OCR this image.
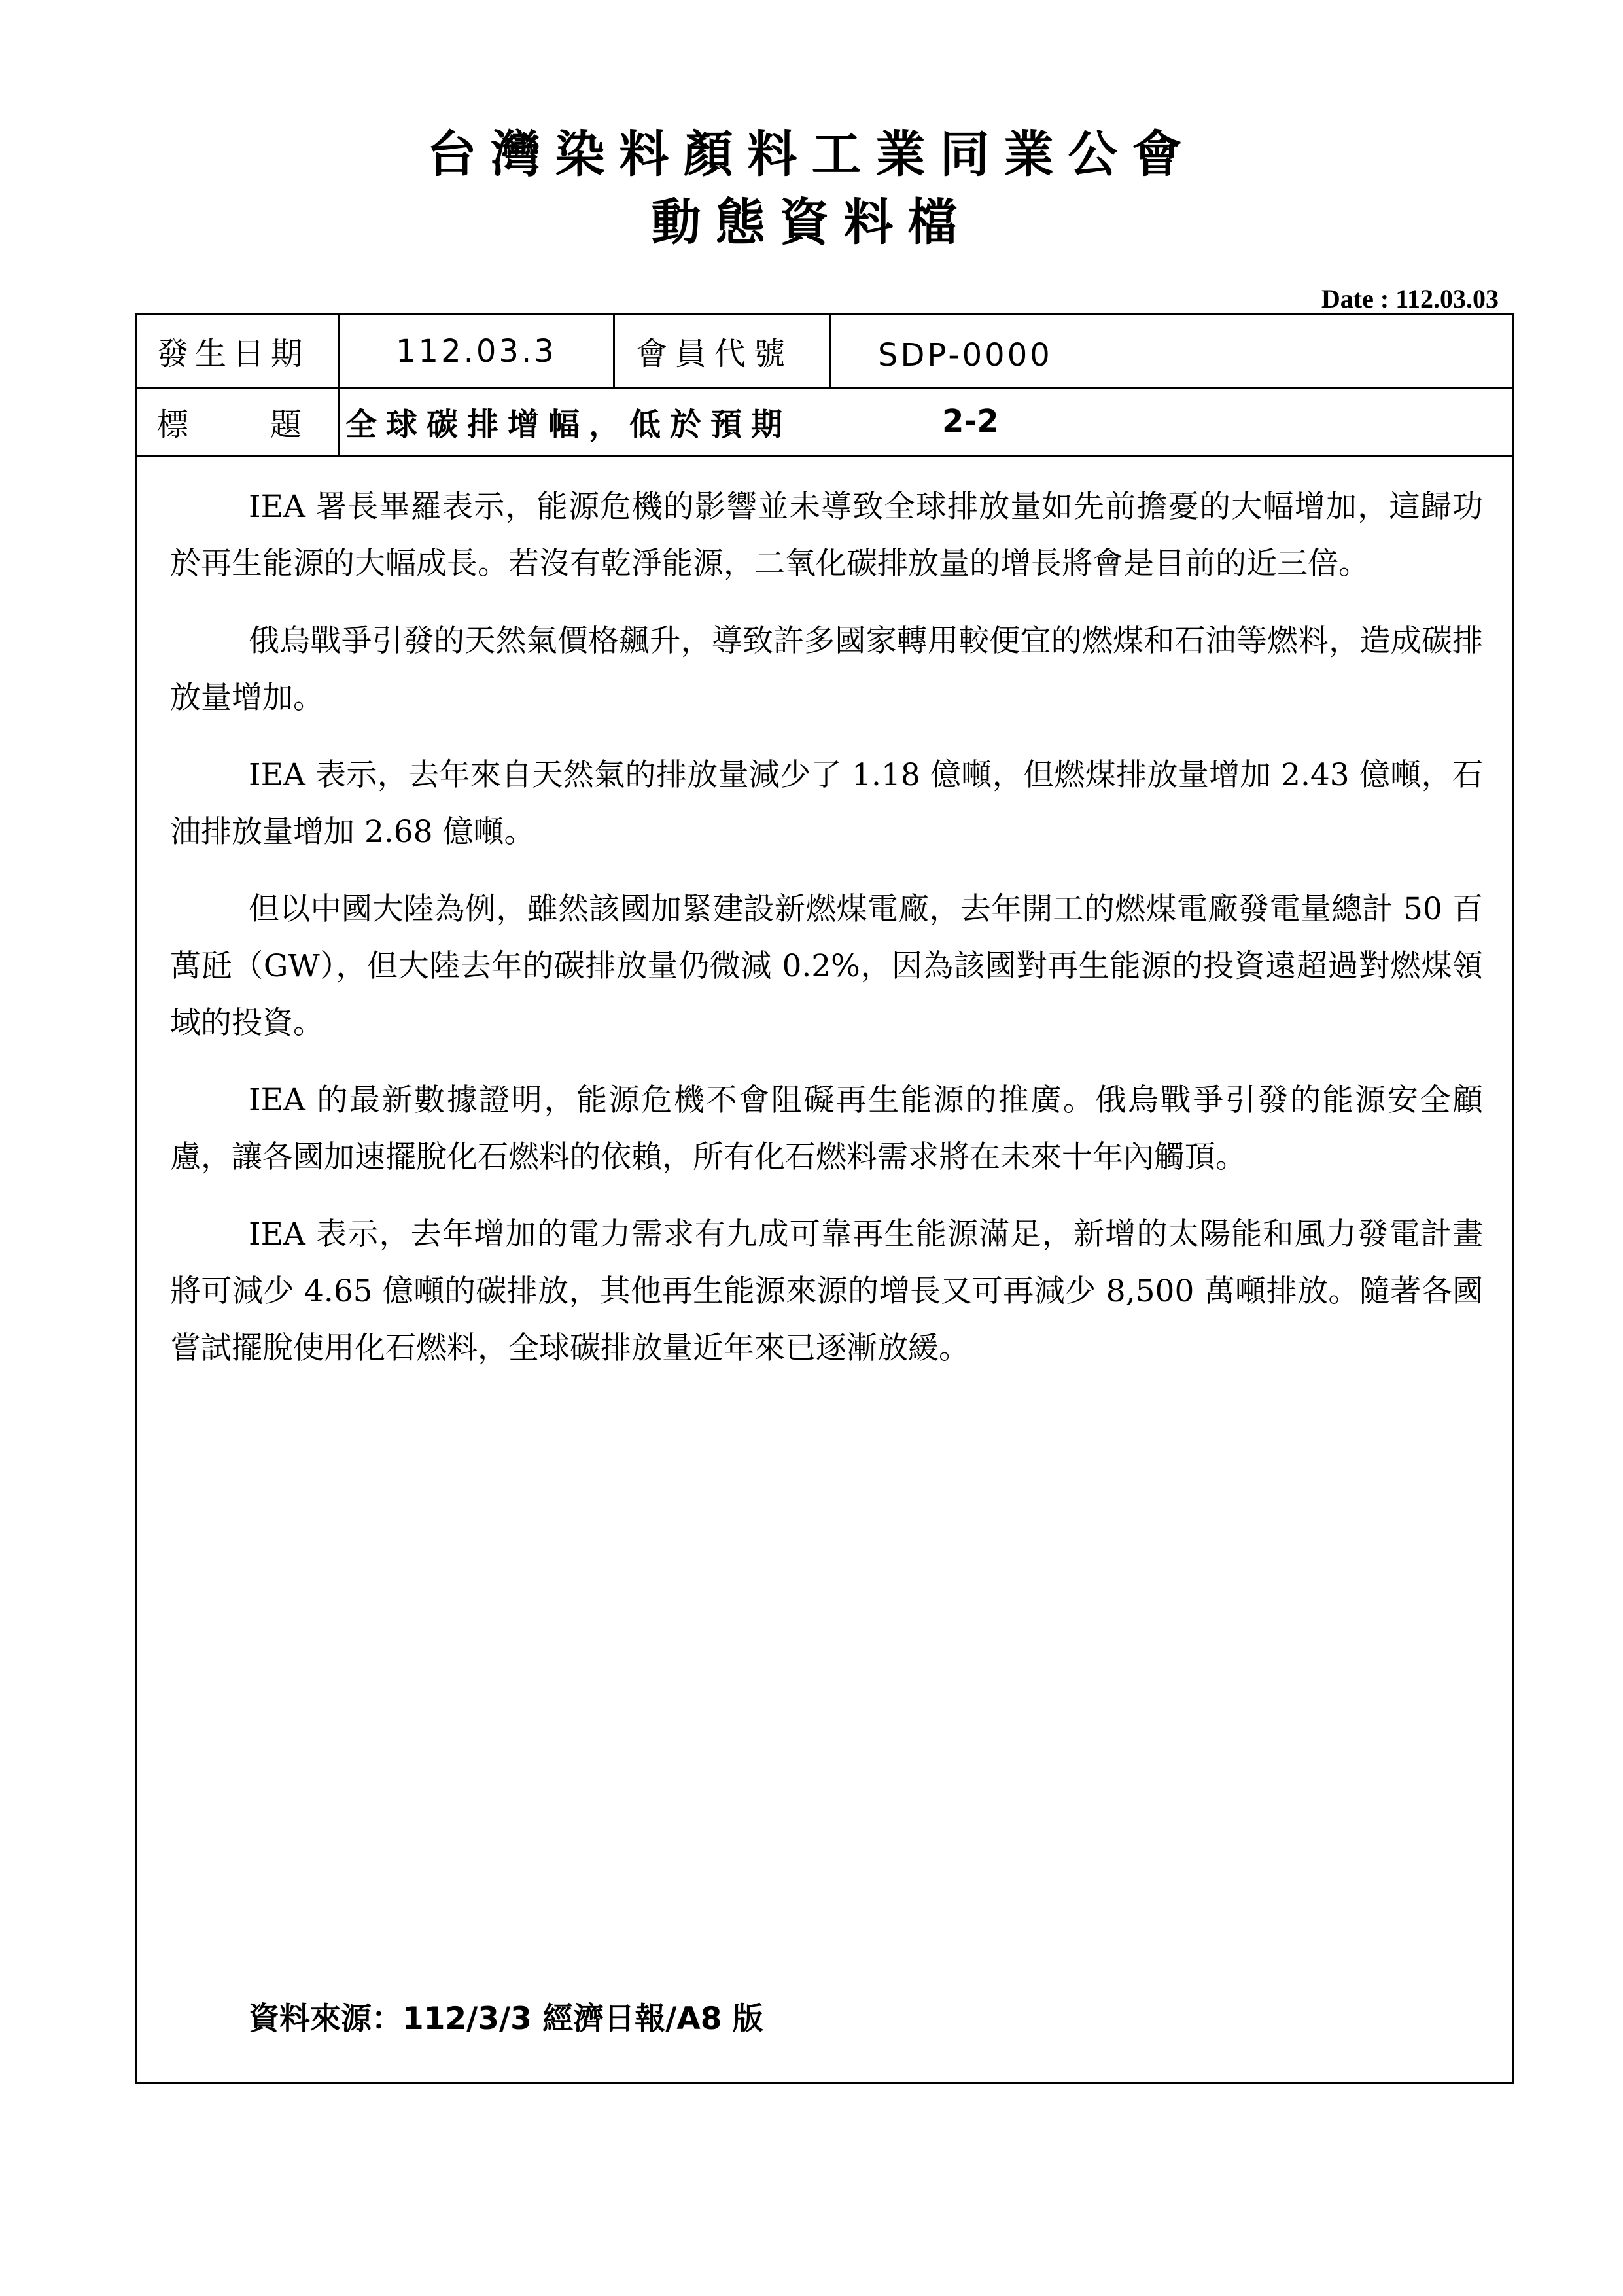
台灣染料顏料工業同業公會
動態資料檔
Date : 112.03.03
發生日期	112.03.3	會員代號	SDP-0000
標	題 全球碳排增幅，低於預期	2-2

IEA 署長畢羅表示，能源危機的影響並未導致全球排放量如先前擔憂的大幅增加，這歸功於再生能源的大幅成長。若沒有乾淨能源，二氧化碳排放量的增長將會是目前的近三倍。

俄烏戰爭引發的天然氣價格飆升，導致許多國家轉用較便宜的燃煤和石油等燃料，造成碳排放量增加。

IEA 表示，去年來自天然氣的排放量減少了 1.18 億噸，但燃煤排放量增加 2.43 億噸，石油排放量增加 2.68 億噸。

但以中國大陸為例，雖然該國加緊建設新燃煤電廠，去年開工的燃煤電廠發電量總計 50 百萬瓩（GW），但大陸去年的碳排放量仍微減 0.2%，因為該國對再生能源的投資遠超過對燃煤領域的投資。

IEA 的最新數據證明，能源危機不會阻礙再生能源的推廣。俄烏戰爭引發的能源安全顧慮，讓各國加速擺脫化石燃料的依賴，所有化石燃料需求將在未來十年內觸頂。

IEA 表示，去年增加的電力需求有九成可靠再生能源滿足，新增的太陽能和風力發電計畫將可減少 4.65 億噸的碳排放，其他再生能源來源的增長又可再減少 8,500 萬噸排放。隨著各國嘗試擺脫使用化石燃料，全球碳排放量近年來已逐漸放緩。

資料來源：112/3/3 經濟日報/A8 版
